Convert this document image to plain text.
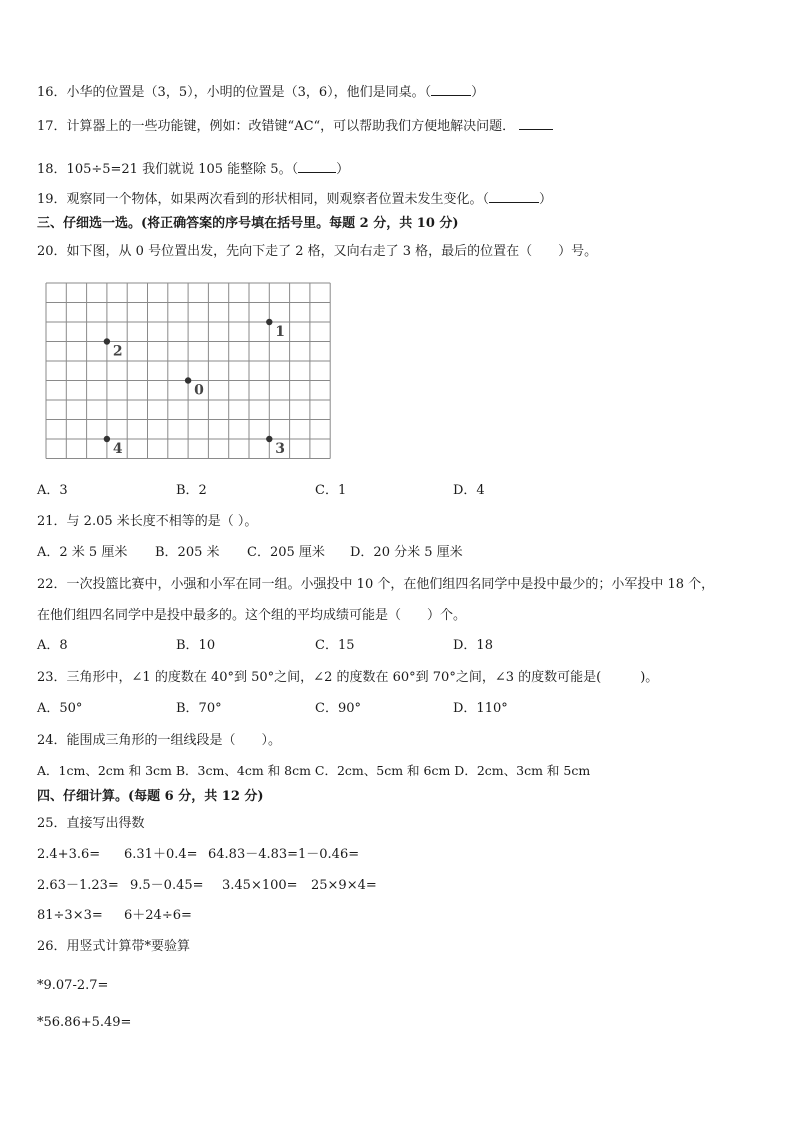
16．小华的位置是（3，5），小明的位置是（3，6），他们是同桌。（	）
17．计算器上的一些功能键，例如：改错键“AC“，可以帮助我们方便地解决问题．
18．105÷5=21 我们就说 105 能整除 5。（	）
19．观察同一个物体，如果两次看到的形状相同，则观察者位置未发生变化。（	）
三、仔细选一选。(将正确答案的序号填在括号里。每题 2 分，共 10 分)
20．如下图，从 0 号位置出发，先向下走了 2 格，又向右走了 3 格，最后的位置在（　　）号。
1
2
0
4	3
A．3	B．2	C．1	D．4
21．与 2.05 米长度不相等的是（ ）。
A．2 米 5 厘米 B．205 米 C．205 厘米 D．20 分米 5 厘米
22．一次投篮比赛中，小强和小军在同一组。小强投中 10 个，在他们组四名同学中是投中最少的；小军投中 18 个，
在他们组四名同学中是投中最多的。这个组的平均成绩可能是（　　）个。
A．8	B．10	C．15	D．18
23．三角形中，∠1 的度数在 40°到 50°之间，∠2 的度数在 60°到 70°之间，∠3 的度数可能是(　　　)。
A．50°	B．70°	C．90°	D．110°
24．能围成三角形的一组线段是（　　）。
A．1cm、2cm 和 3cm B．3cm、4cm 和 8cm C．2cm、5cm 和 6cm D．2cm、3cm 和 5cm
四、仔细计算。(每题 6 分，共 12 分)
25．直接写出得数
2.4+3.6= 6.31＋0.4= 64.83－4.83= 1－0.46=
2.63－1.23= 9.5－0.45= 3.45×100= 25×9×4=
81÷3×3= 6＋24÷6=
26．用竖式计算带*要验算
*9.07-2.7=
*56.86+5.49=
